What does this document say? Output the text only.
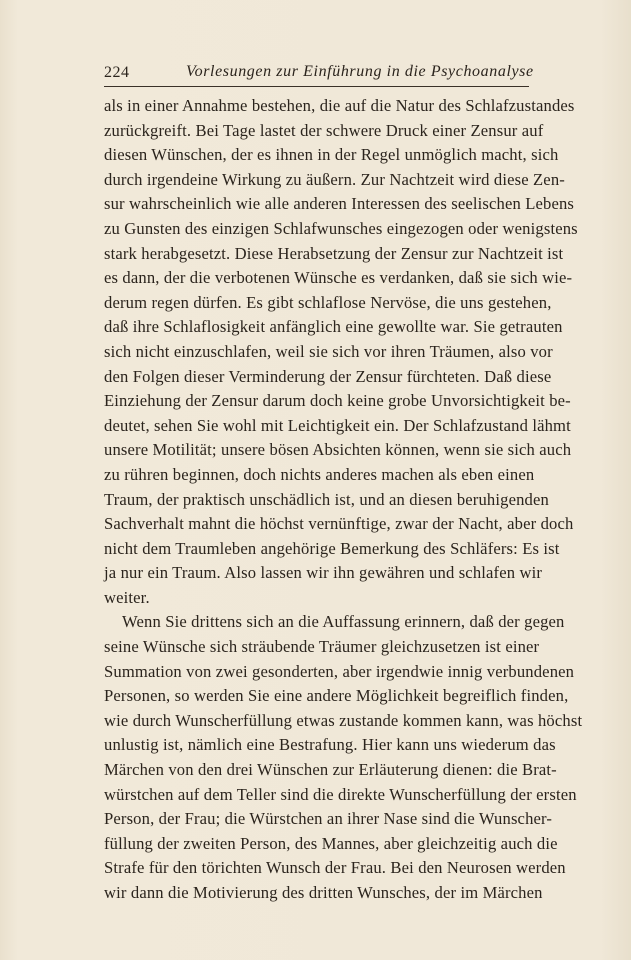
224	Vorlesungen zur Einführung in die Psychoanalyse
als in einer Annahme bestehen, die auf die Natur des Schlafzustandes
zurückgreift. Bei Tage lastet der schwere Druck einer Zensur auf
diesen Wünschen, der es ihnen in der Regel unmöglich macht, sich
durch irgendeine Wirkung zu äußern. Zur Nachtzeit wird diese Zen-
sur wahrscheinlich wie alle anderen Interessen des seelischen Lebens
zu Gunsten des einzigen Schlafwunsches eingezogen oder wenigstens
stark herabgesetzt. Diese Herabsetzung der Zensur zur Nachtzeit ist
es dann, der die verbotenen Wünsche es verdanken, daß sie sich wie-
derum regen dürfen. Es gibt schlaflose Nervöse, die uns gestehen,
daß ihre Schlaflosigkeit anfänglich eine gewollte war. Sie getrauten
sich nicht einzuschlafen, weil sie sich vor ihren Träumen, also vor
den Folgen dieser Verminderung der Zensur fürchteten. Daß diese
Einziehung der Zensur darum doch keine grobe Unvorsichtigkeit be-
deutet, sehen Sie wohl mit Leichtigkeit ein. Der Schlafzustand lähmt
unsere Motilität; unsere bösen Absichten können, wenn sie sich auch
zu rühren beginnen, doch nichts anderes machen als eben einen
Traum, der praktisch unschädlich ist, und an diesen beruhigenden
Sachverhalt mahnt die höchst vernünftige, zwar der Nacht, aber doch
nicht dem Traumleben angehörige Bemerkung des Schläfers: Es ist
ja nur ein Traum. Also lassen wir ihn gewähren und schlafen wir
weiter.
Wenn Sie drittens sich an die Auffassung erinnern, daß der gegen
seine Wünsche sich sträubende Träumer gleichzusetzen ist einer
Summation von zwei gesonderten, aber irgendwie innig verbundenen
Personen, so werden Sie eine andere Möglichkeit begreiflich finden,
wie durch Wunscherfüllung etwas zustande kommen kann, was höchst
unlustig ist, nämlich eine Bestrafung. Hier kann uns wiederum das
Märchen von den drei Wünschen zur Erläuterung dienen: die Brat-
würstchen auf dem Teller sind die direkte Wunscherfüllung der ersten
Person, der Frau; die Würstchen an ihrer Nase sind die Wunscher-
füllung der zweiten Person, des Mannes, aber gleichzeitig auch die
Strafe für den törichten Wunsch der Frau. Bei den Neurosen werden
wir dann die Motivierung des dritten Wunsches, der im Märchen
